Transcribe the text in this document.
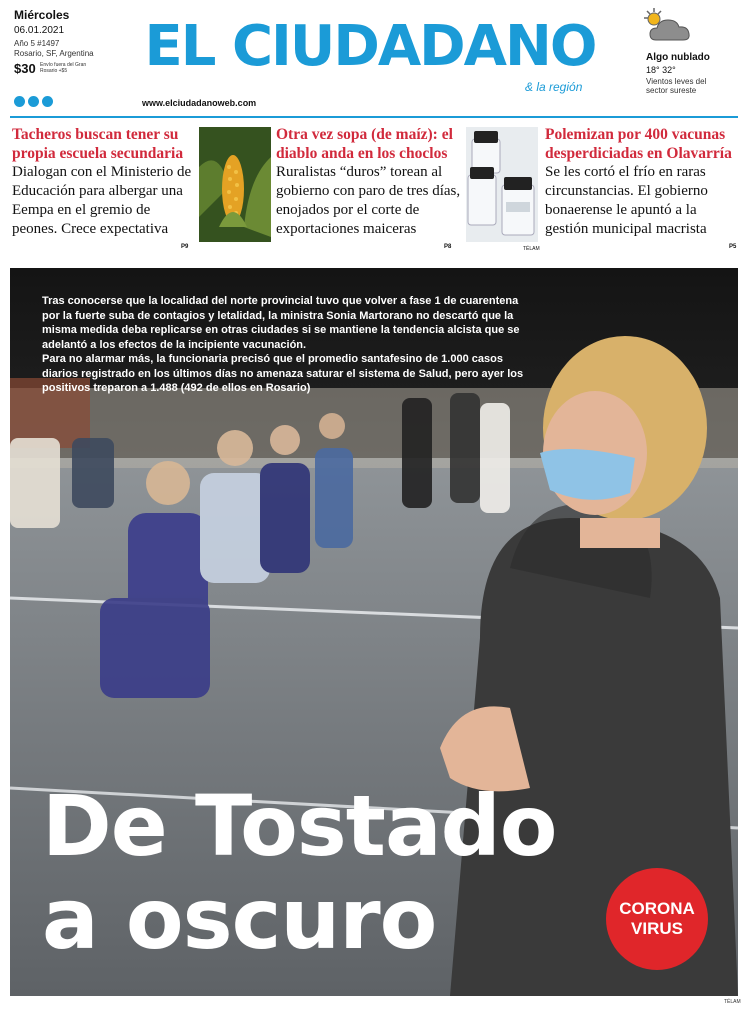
Miércoles
06.01.2021
Año 5 #1497
Rosario, SF, Argentina
$30 Envío fuera del Gran Rosario +$5	EL CIUDADANO
& la región
www.elciudadanoweb.com
Algo nublado
18° 32°
Vientos leves del sector sureste
Tacheros buscan tener su propia escuela secundaria
Dialogan con el Ministerio de Educación para albergar una Eempa en el gremio de peones. Crece expectativa
P9
Otra vez sopa (de maíz): el diablo anda en los choclos
Ruralistas “duros” torean al gobierno con paro de tres días, enojados por el corte de exportaciones maiceras
P8	TÉLAM
Polemizan por 400 vacunas desperdiciadas en Olavarría
Se les cortó el frío en raras circunstancias. El gobierno bonaerense le apuntó a la gestión municipal macrista
P5

Tras conocerse que la localidad del norte provincial tuvo que volver a fase 1 de cuarentena por la fuerte suba de contagios y letalidad, la ministra Sonia Martorano no descartó que la misma medida deba replicarse en otras ciudades si se mantiene la tendencia alcista que se adelantó a los efectos de la incipiente vacunación.

Para no alarmar más, la funcionaria precisó que el promedio santafesino de 1.000 casos diarios registrado en los últimos días no amenaza saturar el sistema de Salud, pero ayer los positivos treparon a 1.488 (492 de ellos en Rosario)

De Tostado
a oscuro	CORONA
VIRUS
TÉLAM
